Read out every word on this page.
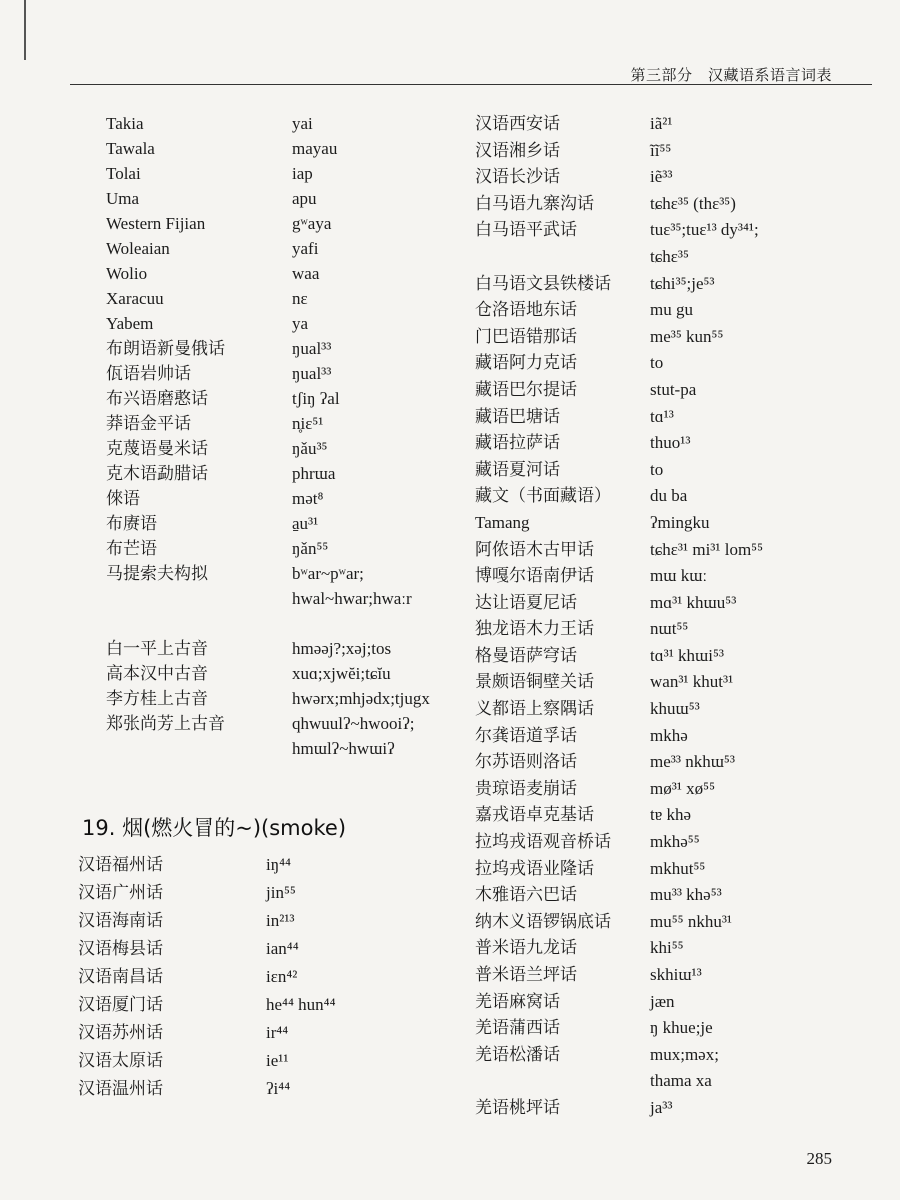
第三部分　汉藏语系语言词表
Takia	yai
Tawala	mayau
Tolai	iap
Uma	apu
Western Fijian	gʷaya
Woleaian	yafi
Wolio	waa
Xaracuu	nɛ
Yabem	ya
布朗语新曼俄话	ŋual³³
佤语岩帅话	ŋual³³
布兴语磨憨话	tʃiŋ ʔal
莽语金平话	n̥iɛ⁵¹
克蔑语曼米话	ŋǎu³⁵
克木语勐腊话	phrɯa
倈语	mət⁸
布赓语	a̠u³¹
布芒语	ŋǎn⁵⁵
马提索夫构拟	bʷar~pʷar;
hwal~hwar;hwaːr
白一平上古音	hməəj?;xəj;tos
高本汉中古音	xuɑ;xjwĕi;tɕĭu
李方桂上古音	hwərx;mhjədx;tjugx
郑张尚芳上古音	qhwuulʔ~hwooiʔ;
hmɯlʔ~hwɯiʔ
19. 烟(燃火冒的~)(smoke)
汉语福州话	iŋ⁴⁴
汉语广州话	jin⁵⁵
汉语海南话	in²¹³
汉语梅县话	ian⁴⁴
汉语南昌话	iɛn⁴²
汉语厦门话	he⁴⁴ hun⁴⁴
汉语苏州话	ir⁴⁴
汉语太原话	ie¹¹
汉语温州话	ʔi⁴⁴
汉语西安话	iã²¹
汉语湘乡话	ĩĩ⁵⁵
汉语长沙话	iẽ³³
白马语九寨沟话	tɕhɛ³⁵ (thɛ³⁵)
白马语平武话	tuɛ³⁵;tuɛ¹³ dy³⁴¹;
tɕhɛ³⁵
白马语文县铁楼话 tɕhi³⁵;je⁵³
仓洛语地东话	mu gu
门巴语错那话	me³⁵ kun⁵⁵
藏语阿力克话	to
藏语巴尔提话	stut-pa
藏语巴塘话	tɑ¹³
藏语拉萨话	thuo¹³
藏语夏河话	to
藏文（书面藏语） du ba
Tamang	ʔmingku
阿侬语木古甲话	tɕhɛ³¹ mi³¹ lom⁵⁵
博嘎尔语南伊话	mɯ kɯː
达让语夏尼话	mɑ³¹ khɯu⁵³
独龙语木力王话	nɯt⁵⁵
格曼语萨穹话	tɑ³¹ khɯi⁵³
景颇语铜壁关话	wan³¹ khut³¹
义都语上察隅话	khuɯ⁵³
尔龚语道孚话	mkhə
尔苏语则洛话	me³³ nkhɯ⁵³
贵琼语麦崩话	mø³¹ xø⁵⁵
嘉戎语卓克基话	tɐ khə
拉坞戎语观音桥话 mkhə⁵⁵
拉坞戎语业隆话	mkhut⁵⁵
木雅语六巴话	mu³³ khə⁵³
纳木义语锣锅底话 mu⁵⁵ nkhu³¹
普米语九龙话	khi⁵⁵
普米语兰坪话	skhiɯ¹³
羌语麻窝话	jæn
羌语蒲西话	ŋ khue;je
羌语松潘话	mux;məx;
thama xa
羌语桃坪话	ja³³
285
